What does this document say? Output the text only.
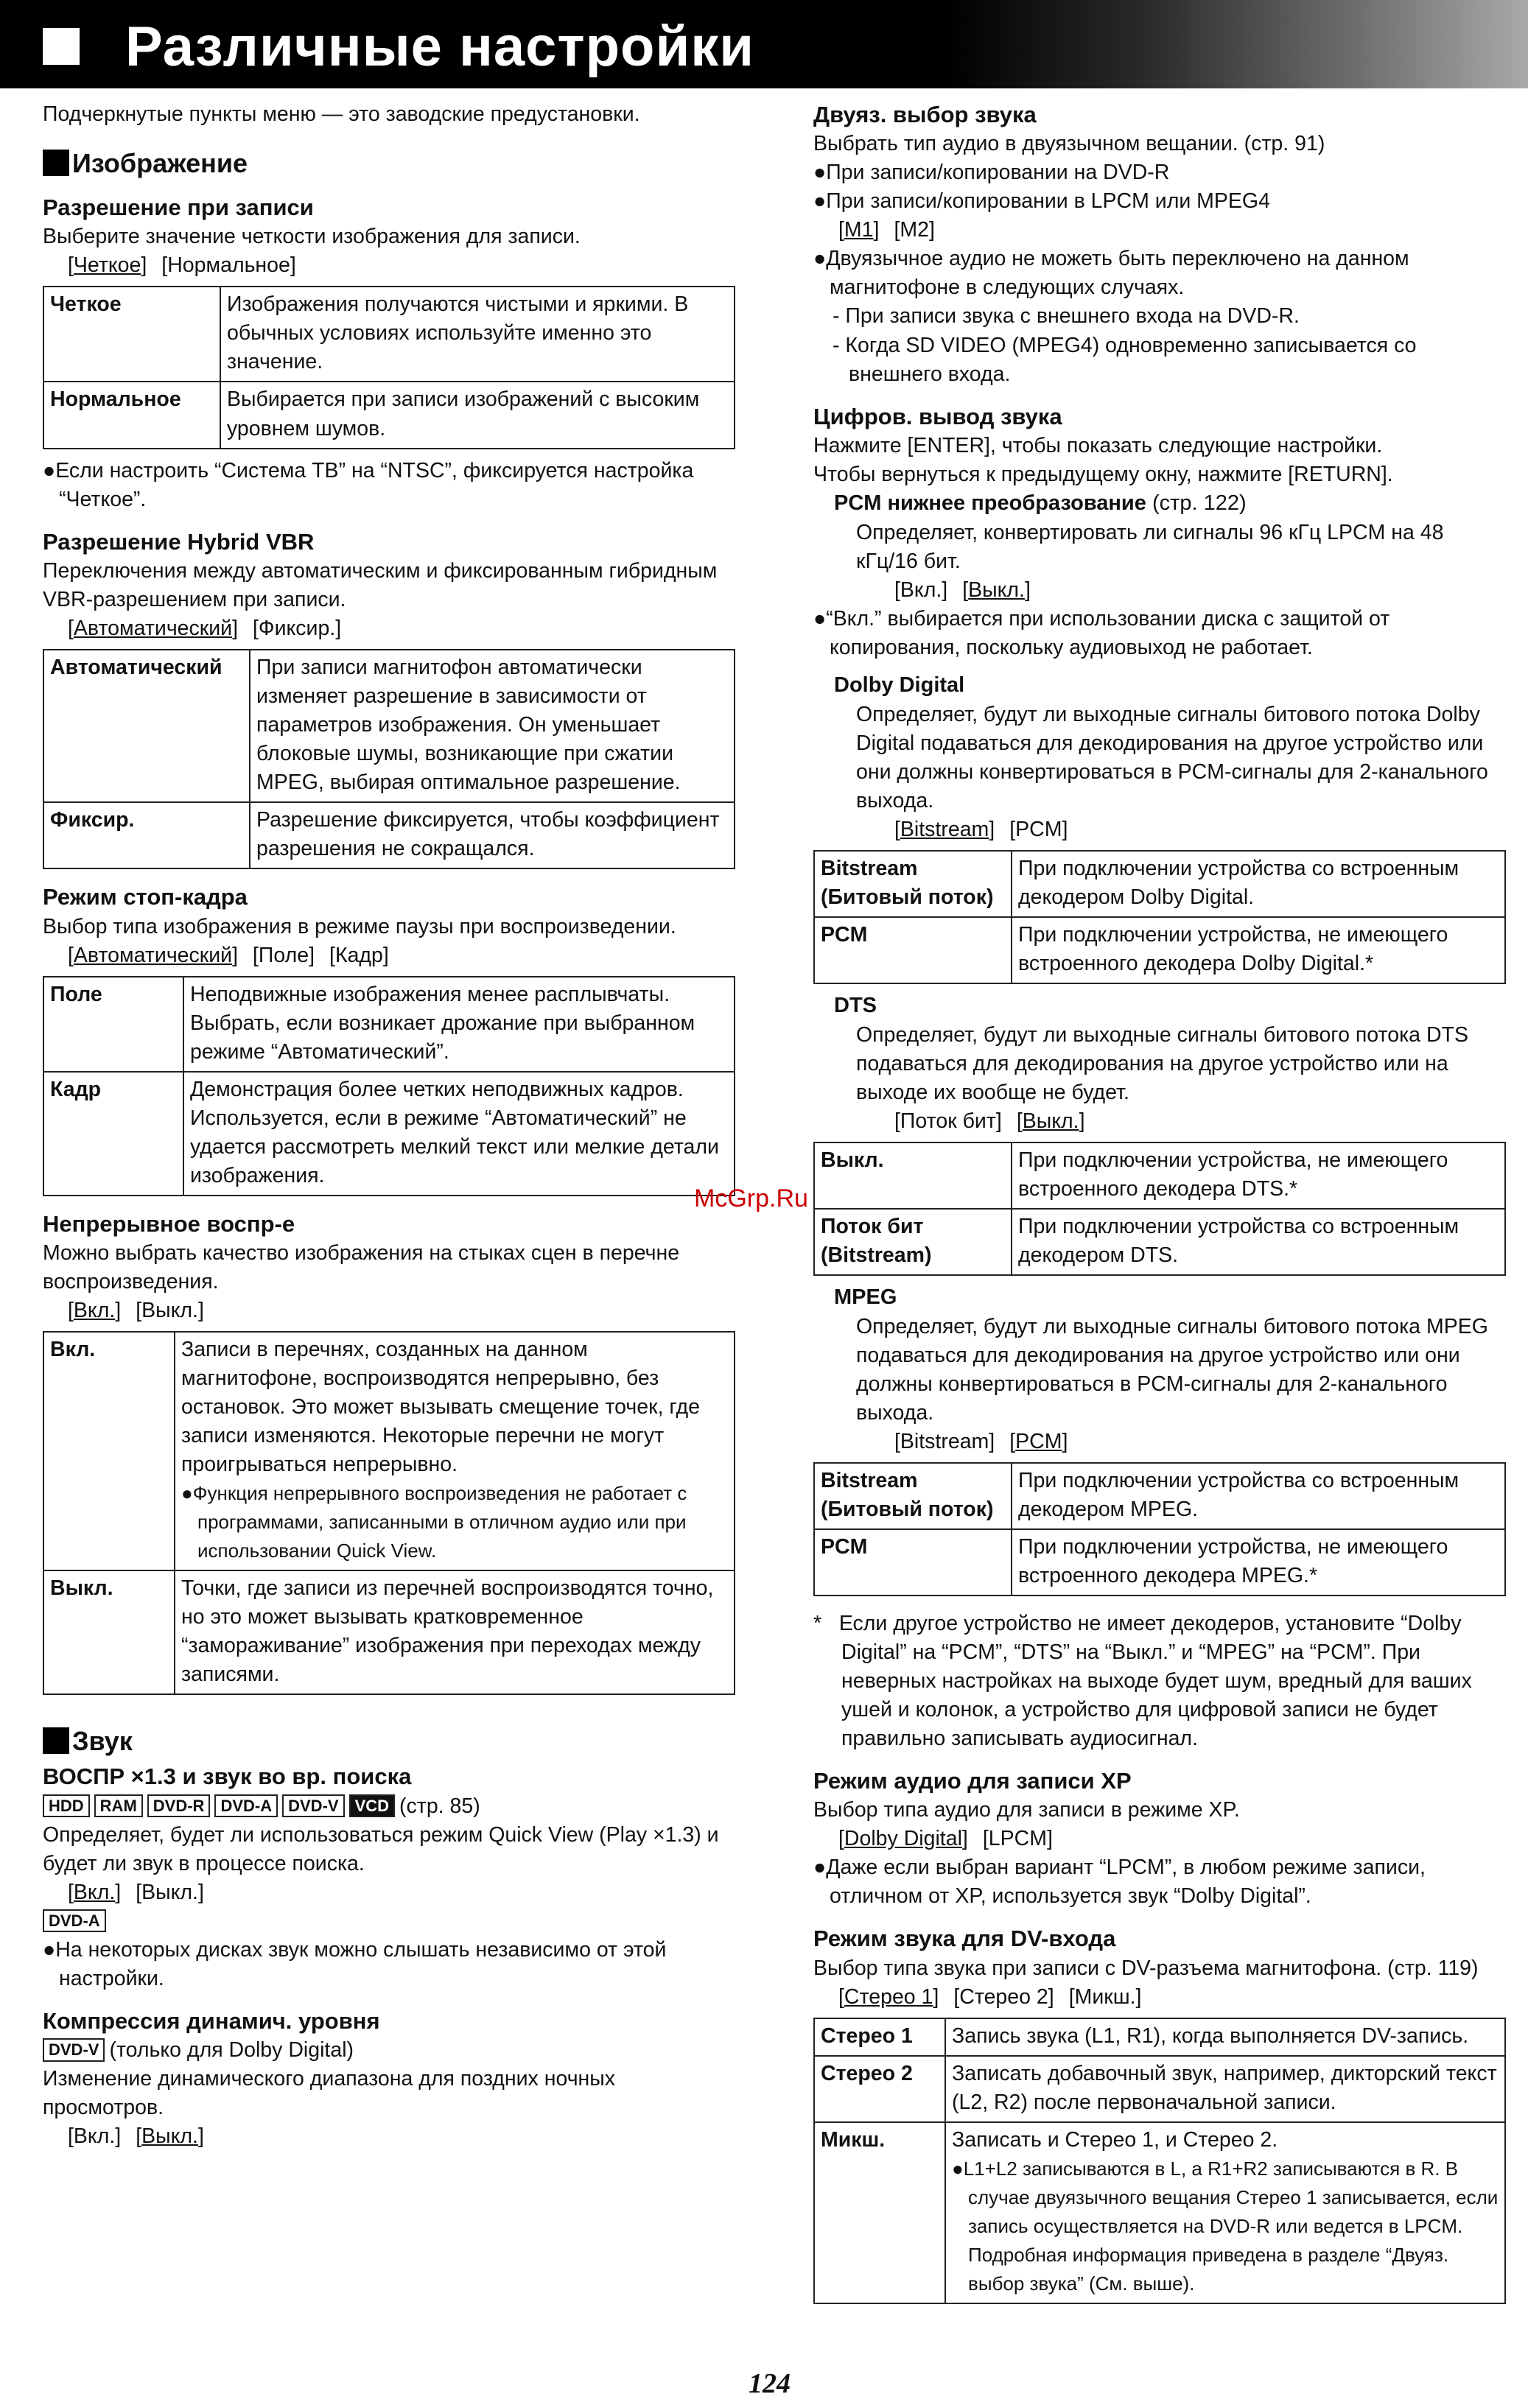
Различные настройки

Подчеркнутые пункты меню — это заводские предустановки.

Изображение
Разрешение при записи

Выберите значение четкости изображения для записи.

[Четкое] [Нормальное]

Четкое	Изображения получаются чистыми и яркими. В обычных условиях используйте именно это значение.
Нормальное	Выбирается при записи изображений с высоким уровнем шумов.

●Если настроить “Система ТВ” на “NTSC”, фиксируется настройка “Четкое”.

Разрешение Hybrid VBR

Переключения между автоматическим и фиксированным гибридным VBR-разрешением при записи.

[Автоматический] [Фиксир.]

Автоматический	При записи магнитофон автоматически изменяет разрешение в зависимости от параметров изображения. Он уменьшает блоковые шумы, возникающие при сжатии MPEG, выбирая оптимальное разрешение.
Фиксир.	Разрешение фиксируется, чтобы коэффициент разрешения не сокращался.
Режим стоп-кадра

Выбор типа изображения в режиме паузы при воспроизведении.

[Автоматический] [Поле] [Кадр]

Поле	Неподвижные изображения менее расплывчаты. Выбрать, если возникает дрожание при выбранном режиме “Автоматический”.
Кадр	Демонстрация более четких неподвижных кадров. Используется, если в режиме “Автоматический” не удается рассмотреть мелкий текст или мелкие детали изображения.
Непрерывное воспр-е

Можно выбрать качество изображения на стыках сцен в перечне воспроизведения.

[Вкл.] [Выкл.]

Вкл.	Записи в перечнях, созданных на данном магнитофоне, воспроизводятся непрерывно, без остановок. Это может вызывать смещение точек, где записи изменяются. Некоторые перечни не могут проигрываться непрерывно.
●Функция непрерывного воспроизведения не работает с программами, записанными в отличном аудио или при использовании Quick View.

Выкл.	Точки, где записи из перечней воспроизводятся точно, но это может вызывать кратковременное “замораживание” изображения при переходах между записями.
Звук
ВОСПР ×1.3 и звук во вр. поиска

HDD RAM DVD-R DVD-A DVD-V VCD (стр. 85)

Определяет, будет ли использоваться режим Quick View (Play ×1.3) и будет ли звук в процессе поиска.

[Вкл.] [Выкл.]

DVD-A

●На некоторых дисках звук можно слышать независимо от этой настройки.

Компрессия динамич. уровня

DVD-V (только для Dolby Digital)

Изменение динамического диапазона для поздних ночных просмотров.

[Вкл.] [Выкл.]

Двуяз. выбор звука

Выбрать тип аудио в двуязычном вещании. (стр. 91)

●При записи/копировании на DVD-R

●При записи/копировании в LPCM или MPEG4

[M1] [M2]

●Двуязычное аудио не можеть быть переключено на данном магнитофоне в следующих случаях.

- При записи звука с внешнего входа на DVD-R.

- Когда SD VIDEO (MPEG4) одновременно записывается со внешнего входа.

Цифров. вывод звука

Нажмите [ENTER], чтобы показать следующие настройки.

Чтобы вернуться к предыдущему окну, нажмите [RETURN].

PCM нижнее преобразование (стр. 122)

Определяет, конвертировать ли сигналы 96 кГц LPCM на 48 кГц/16 бит.

[Вкл.] [Выкл.]

●“Вкл.” выбирается при использовании диска с защитой от копирования, поскольку аудиовыход не работает.

Dolby Digital

Определяет, будут ли выходные сигналы битового потока Dolby Digital подаваться для декодирования на другое устройство или они должны конвертироваться в PCM-сигналы для 2-канального выхода.

[Bitstream] [PCM]

Bitstream (Битовый поток)	При подключении устройства со встроенным декодером Dolby Digital.
PCM	При подключении устройства, не имеющего встроенного декодера Dolby Digital.*

DTS

Определяет, будут ли выходные сигналы битового потока DTS подаваться для декодирования на другое устройство или на выходе их вообще не будет.

[Поток бит] [Выкл.]

Выкл.	При подключении устройства, не имеющего встроенного декодера DTS.*
Поток бит (Bitstream)	При подключении устройства со встроенным декодером DTS.

MPEG

Определяет, будут ли выходные сигналы битового потока MPEG подаваться для декодирования на другое устройство или они должны конвертироваться в PCM-сигналы для 2-канального выхода.

[Bitstream] [PCM]

Bitstream (Битовый поток)	При подключении устройства со встроенным декодером MPEG.
PCM	При подключении устройства, не имеющего встроенного декодера MPEG.*

*   Если другое устройство не имеет декодеров, установите “Dolby Digital” на “PCM”, “DTS” на “Выкл.” и “MPEG” на “PCM”. При неверных настройках на выходе будет шум, вредный для ваших ушей и колонок, а устройство для цифровой записи не будет правильно записывать аудиосигнал.

Режим аудио для записи XP

Выбор типа аудио для записи в режиме XP.

[Dolby Digital] [LPCM]

●Даже если выбран вариант “LPCM”, в любом режиме записи, отличном от XP, используется звук “Dolby Digital”.

Режим звука для DV-входа

Выбор типа звука при записи с DV-разъема магнитофона. (стр. 119)

[Стерео 1] [Стерео 2] [Микш.]

Стерео 1	Запись звука (L1, R1), когда выполняется DV-запись.
Стерео 2	Записать добавочный звук, например, дикторский текст (L2, R2) после первоначальной записи.
Микш.	Записать и Стерео 1, и Стерео 2.
●L1+L2 записываются в L, а R1+R2 записываются в R. В случае двуязычного вещания Стерео 1 записывается, если запись осуществляется на DVD-R или ведется в LPCM. Подробная информация приведена в разделе “Двуяз. выбор звука” (См. выше).
McGrp.Ru
124
